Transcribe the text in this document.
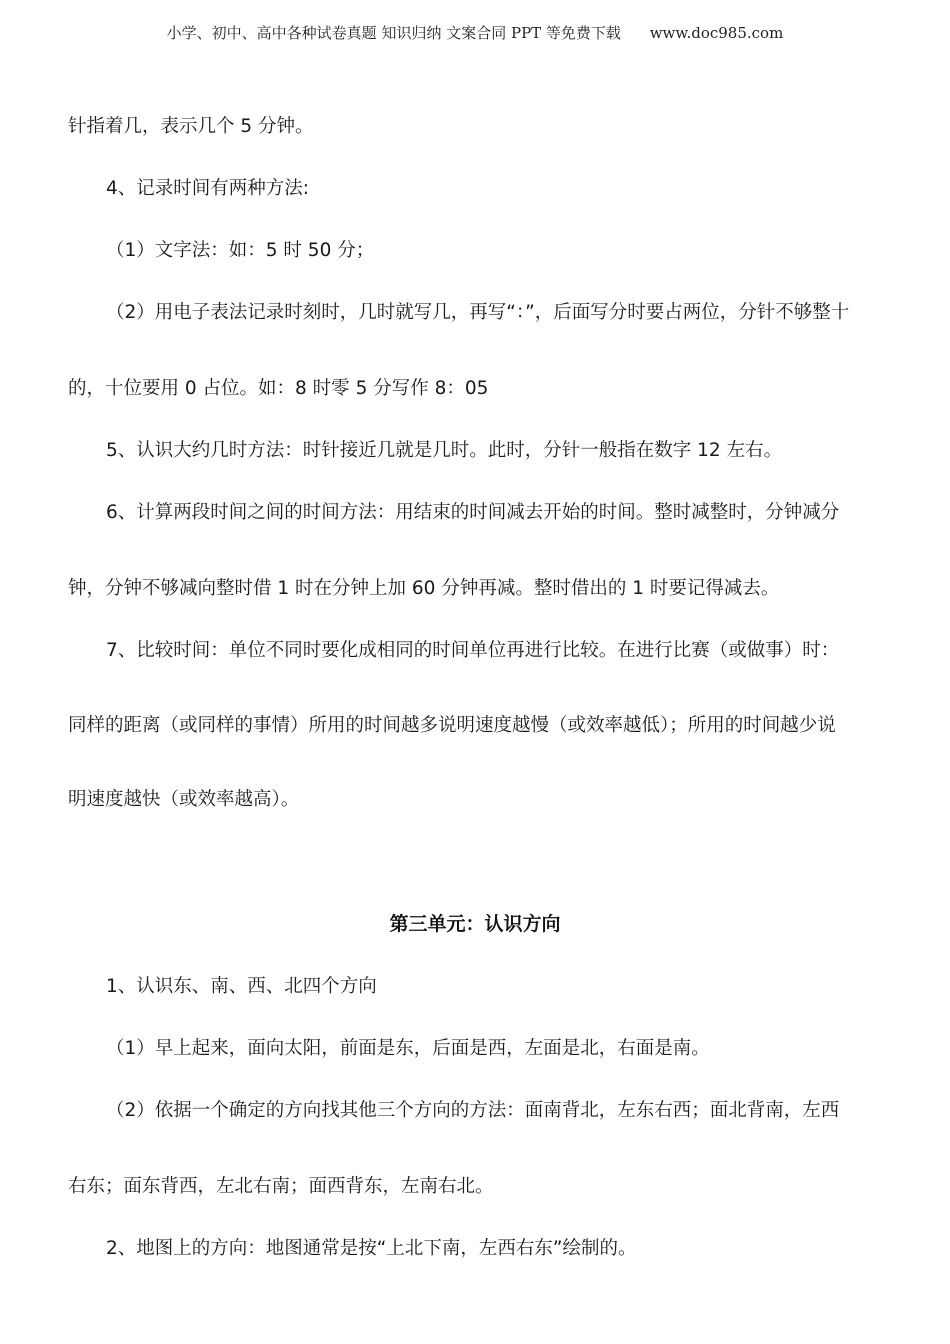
小学、初中、高中各种试卷真题 知识归纳 文案合同 PPT 等免费下载 www.doc985.com
针指着几，表示几个 5 分钟。
4、记录时间有两种方法:
（1）文字法：如：5 时 50 分；
（2）用电子表法记录时刻时，几时就写几，再写“：”，后面写分时要占两位，分针不够整十
的，十位要用 0 占位。如：8 时零 5 分写作 8：05
5、认识大约几时方法：时针接近几就是几时。此时，分针一般指在数字 12 左右。
6、计算两段时间之间的时间方法：用结束的时间减去开始的时间。整时减整时，分钟减分
钟，分钟不够减向整时借 1 时在分钟上加 60 分钟再减。整时借出的 1 时要记得减去。
7、比较时间：单位不同时要化成相同的时间单位再进行比较。在进行比赛（或做事）时：
同样的距离（或同样的事情）所用的时间越多说明速度越慢（或效率越低）；所用的时间越少说
明速度越快（或效率越高）。
第三单元：认识方向
1、认识东、南、西、北四个方向
（1）早上起来，面向太阳，前面是东，后面是西，左面是北，右面是南。
（2）依据一个确定的方向找其他三个方向的方法：面南背北，左东右西；面北背南，左西
右东；面东背西，左北右南；面西背东，左南右北。
2、地图上的方向：地图通常是按“上北下南，左西右东”绘制的。
